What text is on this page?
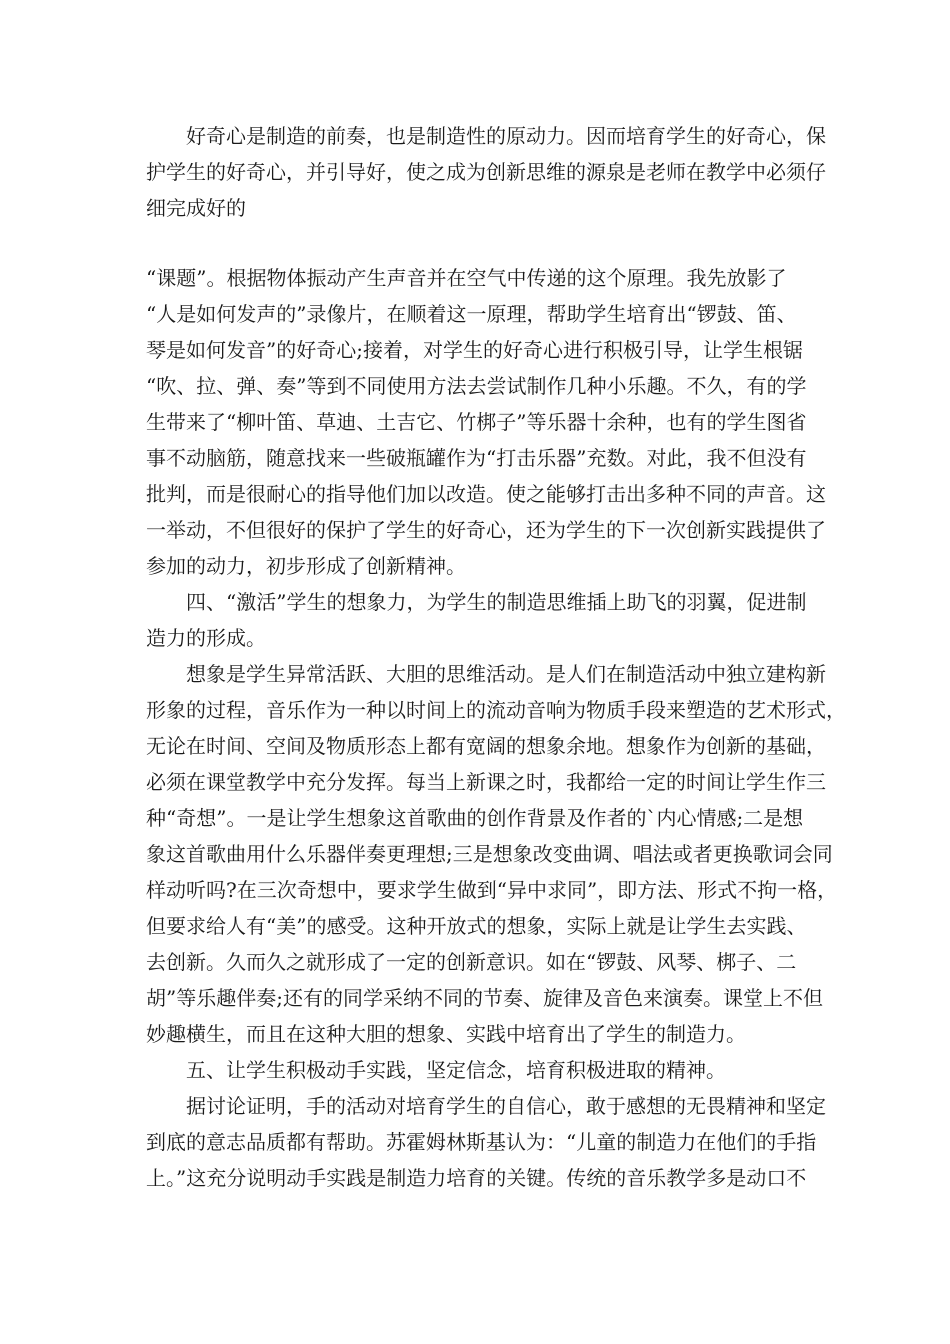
好奇心是制造的前奏，也是制造性的原动力。因而培育学生的好奇心，保
护学生的好奇心，并引导好，使之成为创新思维的源泉是老师在教学中必须仔
细完成好的
“课题”。根据物体振动产生声音并在空气中传递的这个原理。我先放影了
“人是如何发声的”录像片，在顺着这一原理，帮助学生培育出“锣鼓、笛、
琴是如何发音”的好奇心;接着，对学生的好奇心进行积极引导，让学生根锯
“吹、拉、弹、奏”等到不同使用方法去尝试制作几种小乐趣。不久，有的学
生带来了“柳叶笛、草迪、土吉它、竹梆子”等乐器十余种，也有的学生图省
事不动脑筋，随意找来一些破瓶罐作为“打击乐器”充数。对此，我不但没有
批判，而是很耐心的指导他们加以改造。使之能够打击出多种不同的声音。这
一举动，不但很好的保护了学生的好奇心，还为学生的下一次创新实践提供了
参加的动力，初步形成了创新精神。
四、“激活”学生的想象力，为学生的制造思维插上助飞的羽翼，促进制
造力的形成。
想象是学生异常活跃、大胆的思维活动。是人们在制造活动中独立建构新
形象的过程，音乐作为一种以时间上的流动音响为物质手段来塑造的艺术形式，
无论在时间、空间及物质形态上都有宽阔的想象余地。想象作为创新的基础，
必须在课堂教学中充分发挥。每当上新课之时，我都给一定的时间让学生作三
种“奇想”。一是让学生想象这首歌曲的创作背景及作者的`内心情感;二是想
象这首歌曲用什么乐器伴奏更理想;三是想象改变曲调、唱法或者更换歌词会同
样动听吗?在三次奇想中，要求学生做到“异中求同”，即方法、形式不拘一格，
但要求给人有“美”的感受。这种开放式的想象，实际上就是让学生去实践、
去创新。久而久之就形成了一定的创新意识。如在“锣鼓、风琴、梆子、二
胡”等乐趣伴奏;还有的同学采纳不同的节奏、旋律及音色来演奏。课堂上不但
妙趣横生，而且在这种大胆的想象、实践中培育出了学生的制造力。
五、让学生积极动手实践，坚定信念，培育积极进取的精神。
据讨论证明，手的活动对培育学生的自信心，敢于感想的无畏精神和坚定
到底的意志品质都有帮助。苏霍姆林斯基认为：“儿童的制造力在他们的手指
上。”这充分说明动手实践是制造力培育的关键。传统的音乐教学多是动口不
